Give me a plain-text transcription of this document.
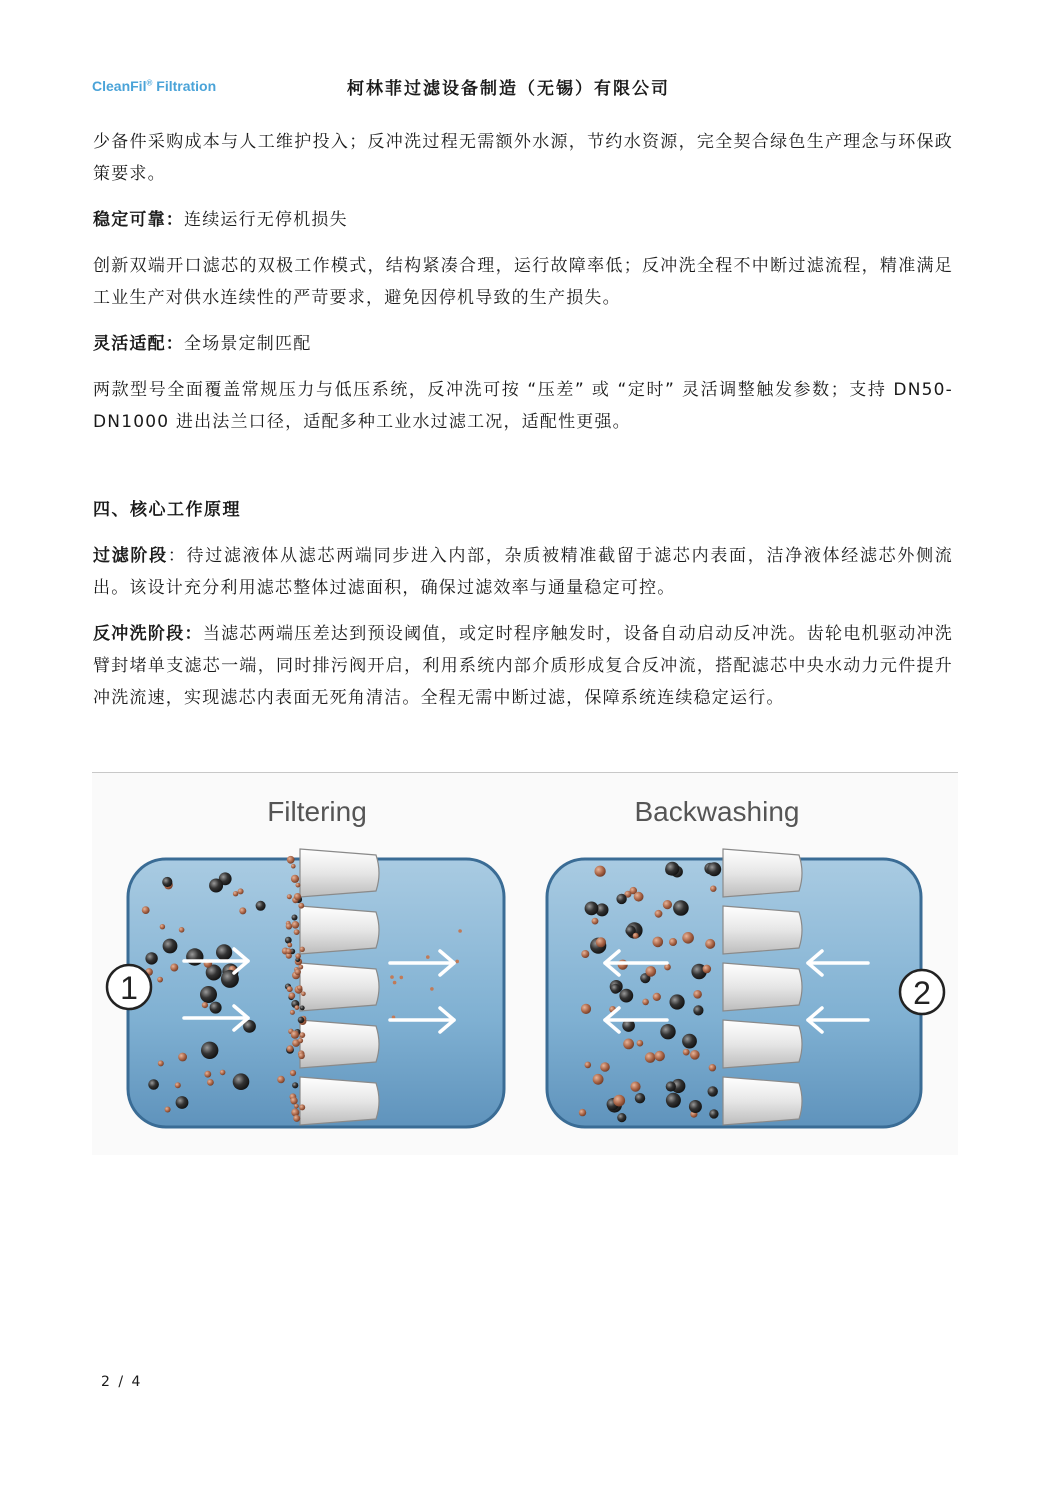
CleanFil® Filtration	柯林菲过滤设备制造（无锡）有限公司

少备件采购成本与人工维护投入；反冲洗过程无需额外水源，节约水资源，完全契合绿色生产理念与环保政策要求。

稳定可靠：连续运行无停机损失

创新双端开口滤芯的双极工作模式，结构紧凑合理，运行故障率低；反冲洗全程不中断过滤流程，精准满足工业生产对供水连续性的严苛要求，避免因停机导致的生产损失。

灵活适配：全场景定制匹配

两款型号全面覆盖常规压力与低压系统，反冲洗可按 “压差” 或 “定时” 灵活调整触发参数；支持 DN50-DN1000 进出法兰口径，适配多种工业水过滤工况，适配性更强。

四、核心工作原理

过滤阶段：待过滤液体从滤芯两端同步进入内部，杂质被精准截留于滤芯内表面，洁净液体经滤芯外侧流出。该设计充分利用滤芯整体过滤面积，确保过滤效率与通量稳定可控。

反冲洗阶段：当滤芯两端压差达到预设阈值，或定时程序触发时，设备自动启动反冲洗。齿轮电机驱动冲洗臂封堵单支滤芯一端，同时排污阀开启，利用系统内部介质形成复合反冲流，搭配滤芯中央水动力元件提升冲洗流速，实现滤芯内表面无死角清洁。全程无需中断过滤，保障系统连续稳定运行。

Filtering	Backwashing
1	2
2 / 4
